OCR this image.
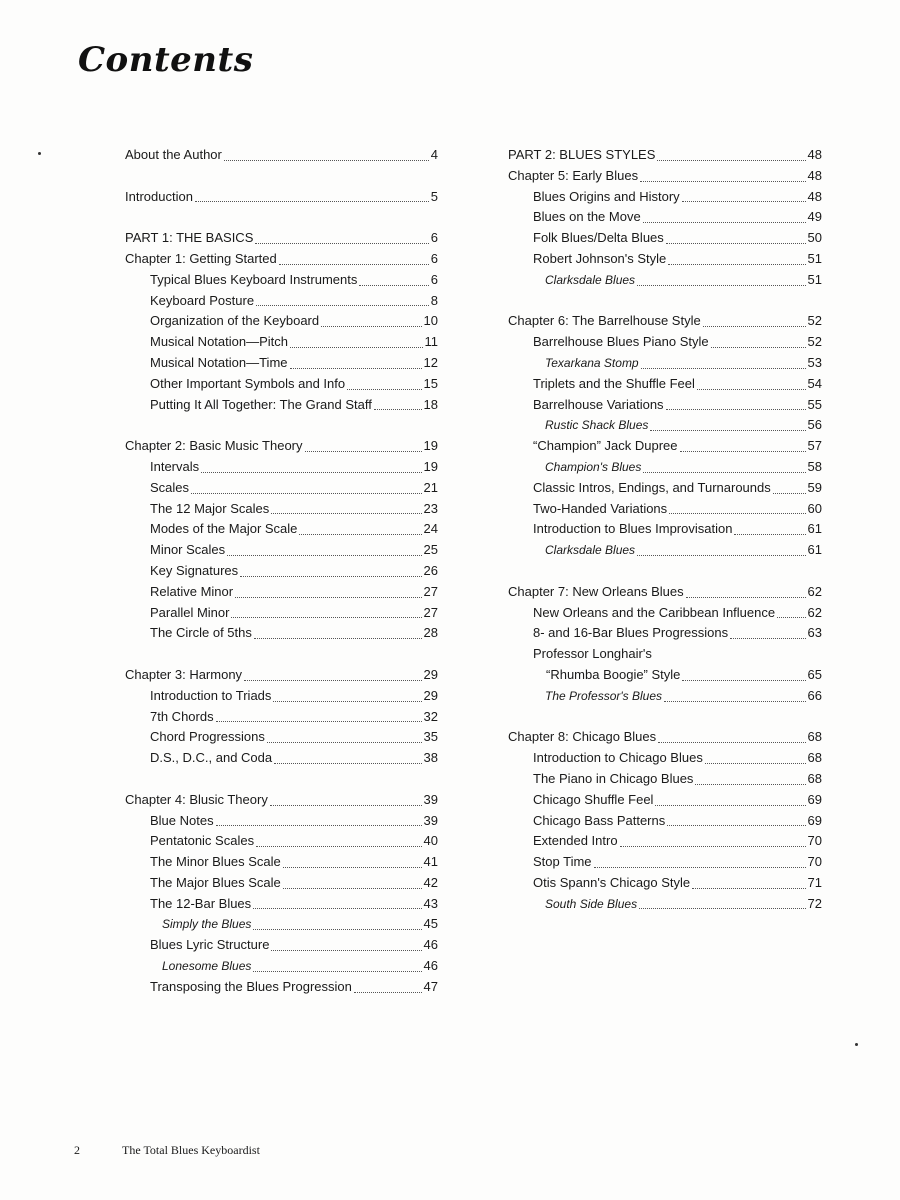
Contents
About the Author	4
Introduction	5
PART 1: THE BASICS	6
Chapter 1: Getting Started	6
Typical Blues Keyboard Instruments	6
Keyboard Posture	8
Organization of the Keyboard	10
Musical Notation—Pitch	11
Musical Notation—Time	12
Other Important Symbols and Info	15
Putting It All Together: The Grand Staff	18
Chapter 2: Basic Music Theory	19
Intervals	19
Scales	21
The 12 Major Scales	23
Modes of the Major Scale	24
Minor Scales	25
Key Signatures	26
Relative Minor	27
Parallel Minor	27
The Circle of 5ths	28
Chapter 3: Harmony	29
Introduction to Triads	29
7th Chords	32
Chord Progressions	35
D.S., D.C., and Coda	38
Chapter 4: Blusic Theory	39
Blue Notes	39
Pentatonic Scales	40
The Minor Blues Scale	41
The Major Blues Scale	42
The 12-Bar Blues	43
Simply the Blues	45
Blues Lyric Structure	46
Lonesome Blues	46
Transposing the Blues Progression	47
PART 2: BLUES STYLES	48
Chapter 5: Early Blues	48
Blues Origins and History	48
Blues on the Move	49
Folk Blues/Delta Blues	50
Robert Johnson's Style	51
Clarksdale Blues	51
Chapter 6: The Barrelhouse Style	52
Barrelhouse Blues Piano Style	52
Texarkana Stomp	53
Triplets and the Shuffle Feel	54
Barrelhouse Variations	55
Rustic Shack Blues	56
“Champion” Jack Dupree	57
Champion's Blues	58
Classic Intros, Endings, and Turnarounds	59
Two-Handed Variations	60
Introduction to Blues Improvisation	61
Clarksdale Blues	61
Chapter 7: New Orleans Blues	62
New Orleans and the Caribbean Influence 62
8- and 16-Bar Blues Progressions	63
Professor Longhair's
“Rhumba Boogie” Style	65
The Professor's Blues	66
Chapter 8: Chicago Blues	68
Introduction to Chicago Blues	68
The Piano in Chicago Blues	68
Chicago Shuffle Feel	69
Chicago Bass Patterns	69
Extended Intro	70
Stop Time	70
Otis Spann's Chicago Style	71
South Side Blues	72
2	The Total Blues Keyboardist
